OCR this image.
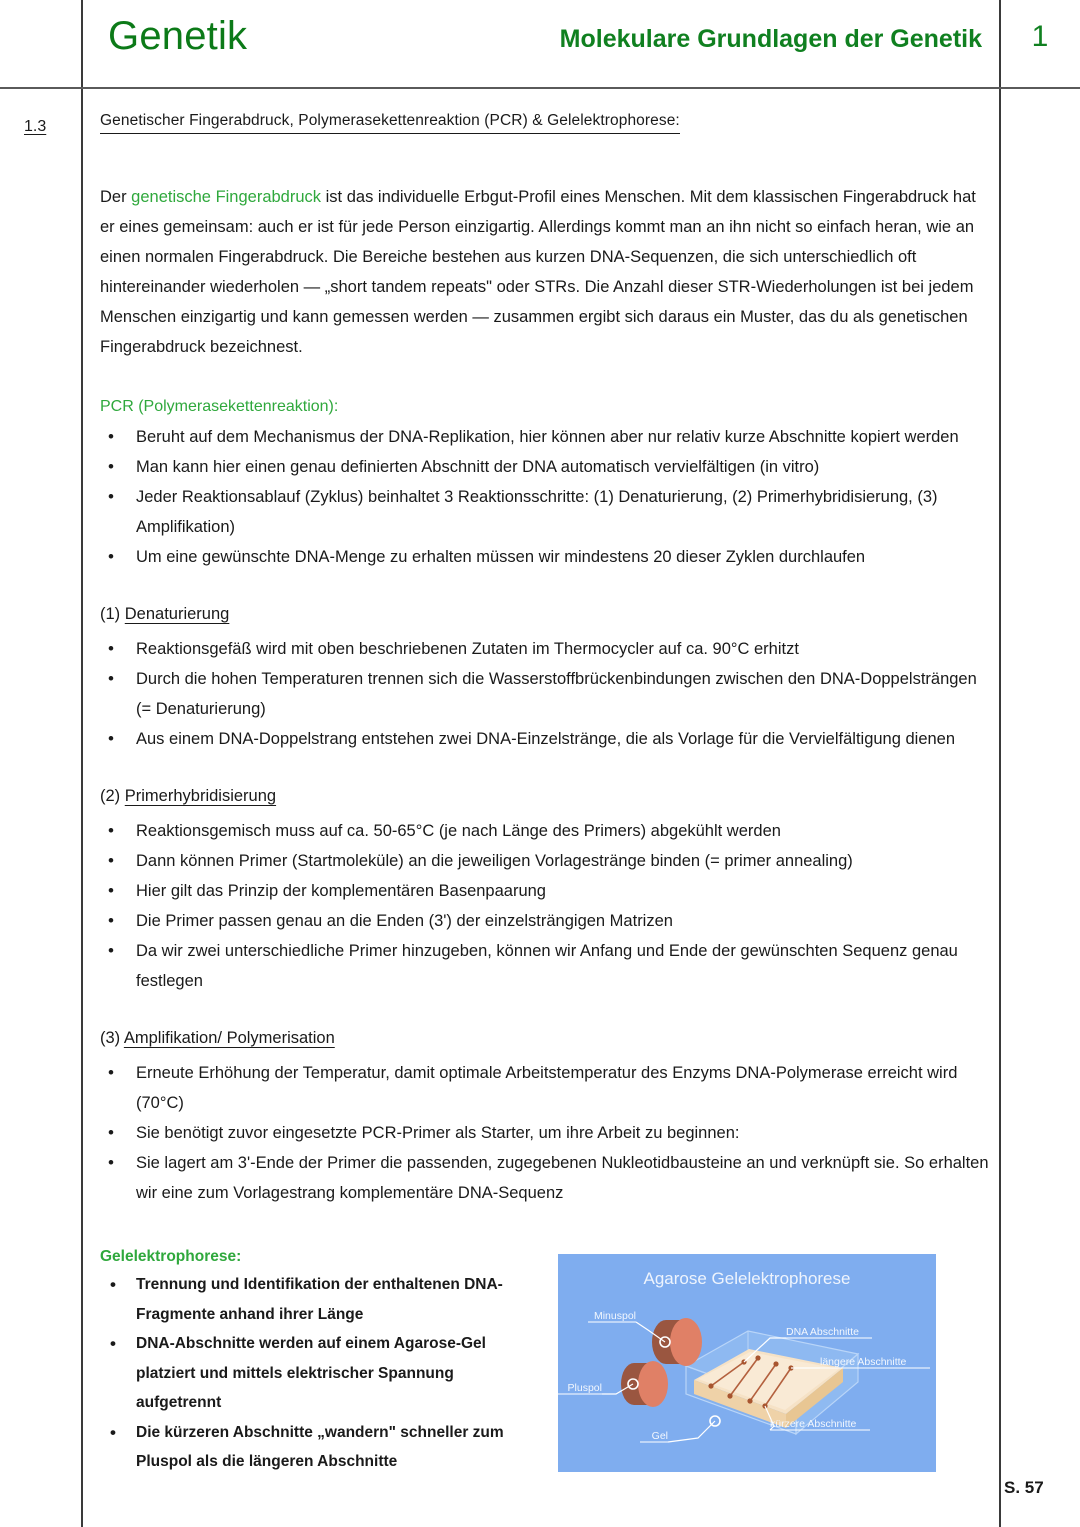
Genetik	Molekulare Grundlagen der Genetik	1
1.3	Genetischer Fingerabdruck, Polymerasekettenreaktion (PCR) & Gelelektrophorese:

Der genetische Fingerabdruck ist das individuelle Erbgut-Profil eines Menschen. Mit dem klassischen Fingerabdruck hat er eines gemeinsam: auch er ist für jede Person einzigartig. Allerdings kommt man an ihn nicht so einfach heran, wie an einen normalen Fingerabdruck. Die Bereiche bestehen aus kurzen DNA-Sequenzen, die sich unterschiedlich oft hintereinander wiederholen — „short tandem repeats" oder STRs. Die Anzahl dieser STR-Wiederholungen ist bei jedem Menschen einzigartig und kann gemessen werden — zusammen ergibt sich daraus ein Muster, das du als genetischen Fingerabdruck bezeichnest.

PCR (Polymerasekettenreaktion):
• Beruht auf dem Mechanismus der DNA-Replikation, hier können aber nur relativ kurze Abschnitte kopiert werden
• Man kann hier einen genau definierten Abschnitt der DNA automatisch vervielfältigen (in vitro)
• Jeder Reaktionsablauf (Zyklus) beinhaltet 3 Reaktionsschritte: (1) Denaturierung, (2) Primerhybridisierung, (3) Amplifikation)
• Um eine gewünschte DNA-Menge zu erhalten müssen wir mindestens 20 dieser Zyklen durchlaufen
(1) Denaturierung
• Reaktionsgefäß wird mit oben beschriebenen Zutaten im Thermocycler auf ca. 90°C erhitzt
• Durch die hohen Temperaturen trennen sich die Wasserstoffbrückenbindungen zwischen den DNA-Doppelsträngen (= Denaturierung)
• Aus einem DNA-Doppelstrang entstehen zwei DNA-Einzelstränge, die als Vorlage für die Vervielfältigung dienen
(2) Primerhybridisierung
• Reaktionsgemisch muss auf ca. 50-65°C (je nach Länge des Primers) abgekühlt werden
• Dann können Primer (Startmoleküle) an die jeweiligen Vorlagestränge binden (= primer annealing)
• Hier gilt das Prinzip der komplementären Basenpaarung
• Die Primer passen genau an die Enden (3') der einzelsträngigen Matrizen
• Da wir zwei unterschiedliche Primer hinzugeben, können wir Anfang und Ende der gewünschten Sequenz genau festlegen
(3) Amplifikation/ Polymerisation
• Erneute Erhöhung der Temperatur, damit optimale Arbeitstemperatur des Enzyms DNA-Polymerase erreicht wird (70°C)
• Sie benötigt zuvor eingesetzte PCR-Primer als Starter, um ihre Arbeit zu beginnen:
• Sie lagert am 3'-Ende der Primer die passenden, zugegebenen Nukleotidbausteine an und verknüpft sie. So erhalten wir eine zum Vorlagestrang komplementäre DNA-Sequenz
Gelelektrophorese:
• Trennung und Identifikation der enthaltenen DNA-Fragmente anhand ihrer Länge
• DNA-Abschnitte werden auf einem Agarose-Gel platziert und mittels elektrischer Spannung aufgetrennt
• Die kürzeren Abschnitte „wandern" schneller zum Pluspol als die längeren Abschnitte
Agarose Gelelektrophorese
Minuspol
Pluspol
Gel
DNA Abschnitte
längere Abschnitte
kürzere Abschnitte
S. 57
